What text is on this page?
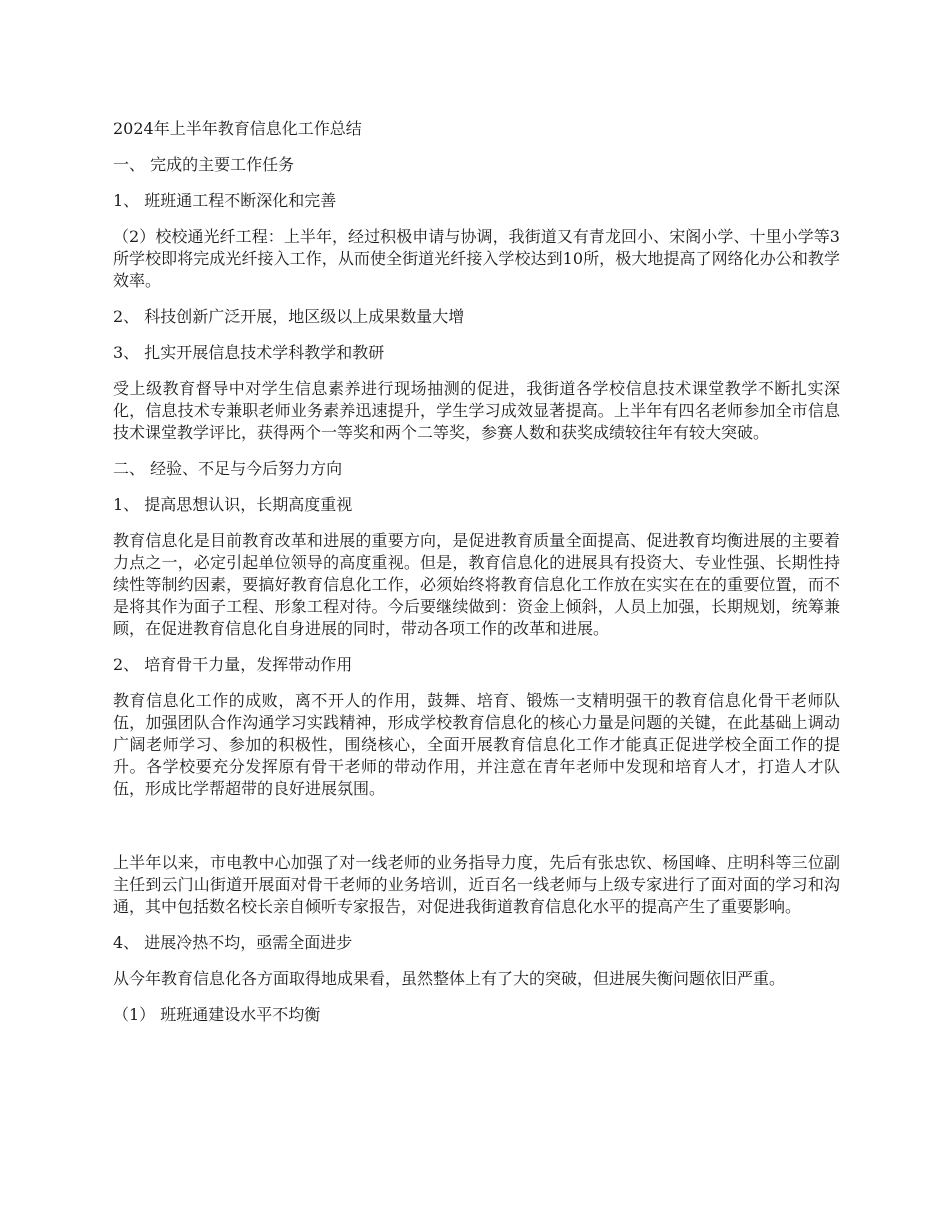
2024年上半年教育信息化工作总结

一、 完成的主要工作任务

1、 班班通工程不断深化和完善

（2）校校通光纤工程：上半年，经过积极申请与协调，我街道又有青龙回小、宋阁小学、十里小学等3所学校即将完成光纤接入工作，从而使全街道光纤接入学校达到10所，极大地提高了网络化办公和教学效率。

2、 科技创新广泛开展，地区级以上成果数量大增

3、 扎实开展信息技术学科教学和教研

受上级教育督导中对学生信息素养进行现场抽测的促进，我街道各学校信息技术课堂教学不断扎实深化，信息技术专兼职老师业务素养迅速提升，学生学习成效显著提高。上半年有四名老师参加全市信息技术课堂教学评比，获得两个一等奖和两个二等奖，参赛人数和获奖成绩较往年有较大突破。

二、 经验、不足与今后努力方向

1、 提高思想认识，长期高度重视

教育信息化是目前教育改革和进展的重要方向，是促进教育质量全面提高、促进教育均衡进展的主要着力点之一，必定引起单位领导的高度重视。但是，教育信息化的进展具有投资大、专业性强、长期性持续性等制约因素，要搞好教育信息化工作，必须始终将教育信息化工作放在实实在在的重要位置，而不是将其作为面子工程、形象工程对待。今后要继续做到：资金上倾斜，人员上加强，长期规划，统筹兼顾，在促进教育信息化自身进展的同时，带动各项工作的改革和进展。

2、 培育骨干力量，发挥带动作用

教育信息化工作的成败，离不开人的作用，鼓舞、培育、锻炼一支精明强干的教育信息化骨干老师队伍，加强团队合作沟通学习实践精神，形成学校教育信息化的核心力量是问题的关键，在此基础上调动广阔老师学习、参加的积极性，围绕核心，全面开展教育信息化工作才能真正促进学校全面工作的提升。各学校要充分发挥原有骨干老师的带动作用，并注意在青年老师中发现和培育人才，打造人才队伍，形成比学帮超带的良好进展氛围。

上半年以来，市电教中心加强了对一线老师的业务指导力度，先后有张忠钦、杨国峰、庄明科等三位副主任到云门山街道开展面对骨干老师的业务培训，近百名一线老师与上级专家进行了面对面的学习和沟通，其中包括数名校长亲自倾听专家报告，对促进我街道教育信息化水平的提高产生了重要影响。

4、 进展冷热不均，亟需全面进步

从今年教育信息化各方面取得地成果看，虽然整体上有了大的突破，但进展失衡问题依旧严重。

（1） 班班通建设水平不均衡
